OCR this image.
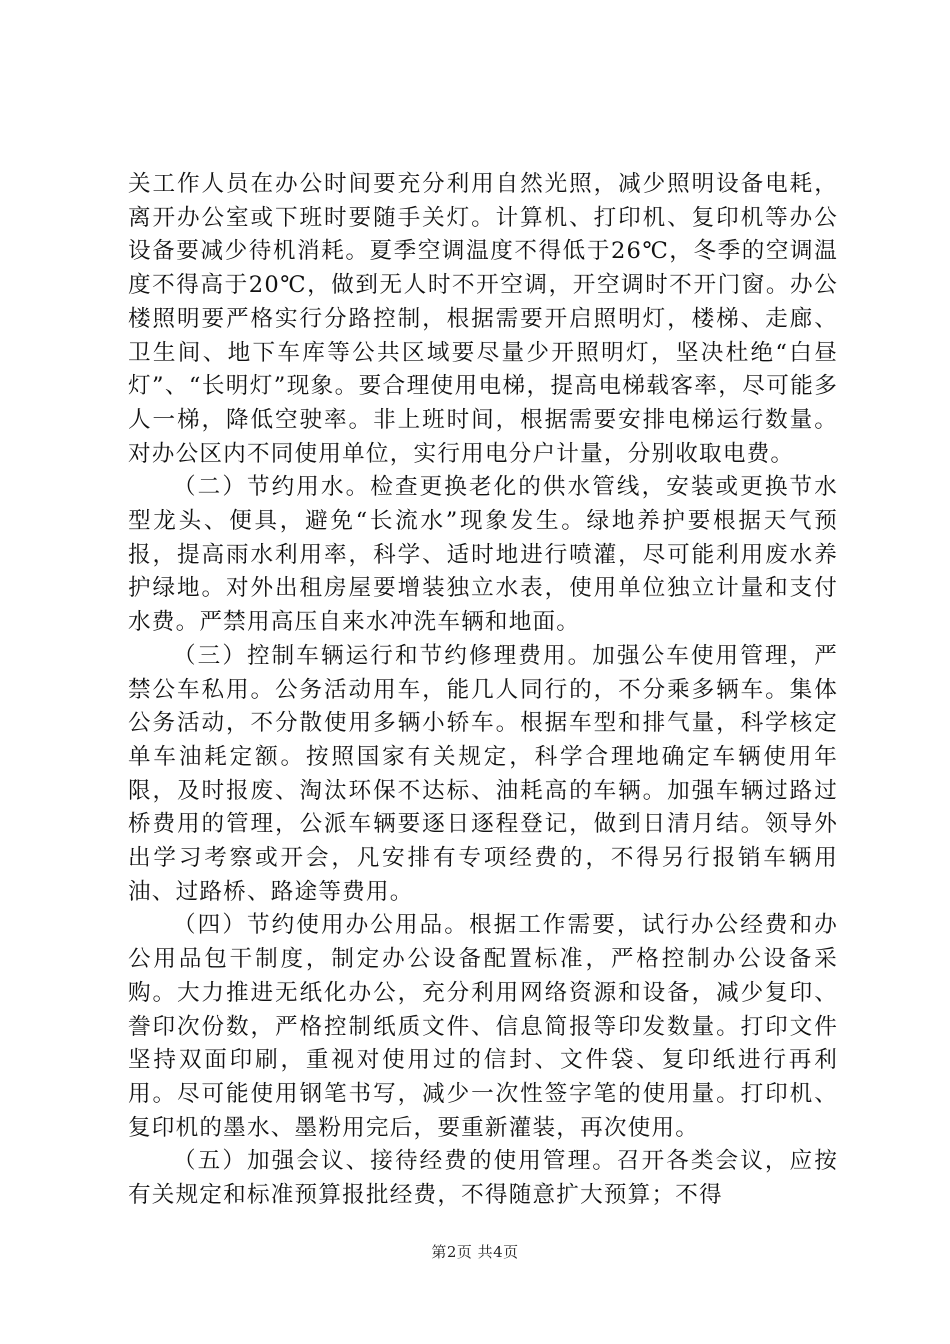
关工作人员在办公时间要充分利用自然光照，减少照明设备电耗，离开办公室或下班时要随手关灯。计算机、打印机、复印机等办公设备要减少待机消耗。夏季空调温度不得低于26℃，冬季的空调温度不得高于20℃，做到无人时不开空调，开空调时不开门窗。办公楼照明要严格实行分路控制，根据需要开启照明灯，楼梯、走廊、卫生间、地下车库等公共区域要尽量少开照明灯，坚决杜绝“白昼灯”、“长明灯”现象。要合理使用电梯，提高电梯载客率，尽可能多人一梯，降低空驶率。非上班时间，根据需要安排电梯运行数量。对办公区内不同使用单位，实行用电分户计量，分别收取电费。

（二）节约用水。检查更换老化的供水管线，安装或更换节水型龙头、便具，避免“长流水”现象发生。绿地养护要根据天气预报，提高雨水利用率，科学、适时地进行喷灌，尽可能利用废水养护绿地。对外出租房屋要增装独立水表，使用单位独立计量和支付水费。严禁用高压自来水冲洗车辆和地面。

（三）控制车辆运行和节约修理费用。加强公车使用管理，严禁公车私用。公务活动用车，能几人同行的，不分乘多辆车。集体公务活动，不分散使用多辆小轿车。根据车型和排气量，科学核定单车油耗定额。按照国家有关规定，科学合理地确定车辆使用年限，及时报废、淘汰环保不达标、油耗高的车辆。加强车辆过路过桥费用的管理，公派车辆要逐日逐程登记，做到日清月结。领导外出学习考察或开会，凡安排有专项经费的，不得另行报销车辆用油、过路桥、路途等费用。

（四）节约使用办公用品。根据工作需要，试行办公经费和办公用品包干制度，制定办公设备配置标准，严格控制办公设备采购。大力推进无纸化办公，充分利用网络资源和设备，减少复印、誊印次份数，严格控制纸质文件、信息简报等印发数量。打印文件坚持双面印刷，重视对使用过的信封、文件袋、复印纸进行再利用。尽可能使用钢笔书写，减少一次性签字笔的使用量。打印机、复印机的墨水、墨粉用完后，要重新灌装，再次使用。

（五）加强会议、接待经费的使用管理。召开各类会议，应按有关规定和标准预算报批经费，不得随意扩大预算；不得

第2页 共4页
